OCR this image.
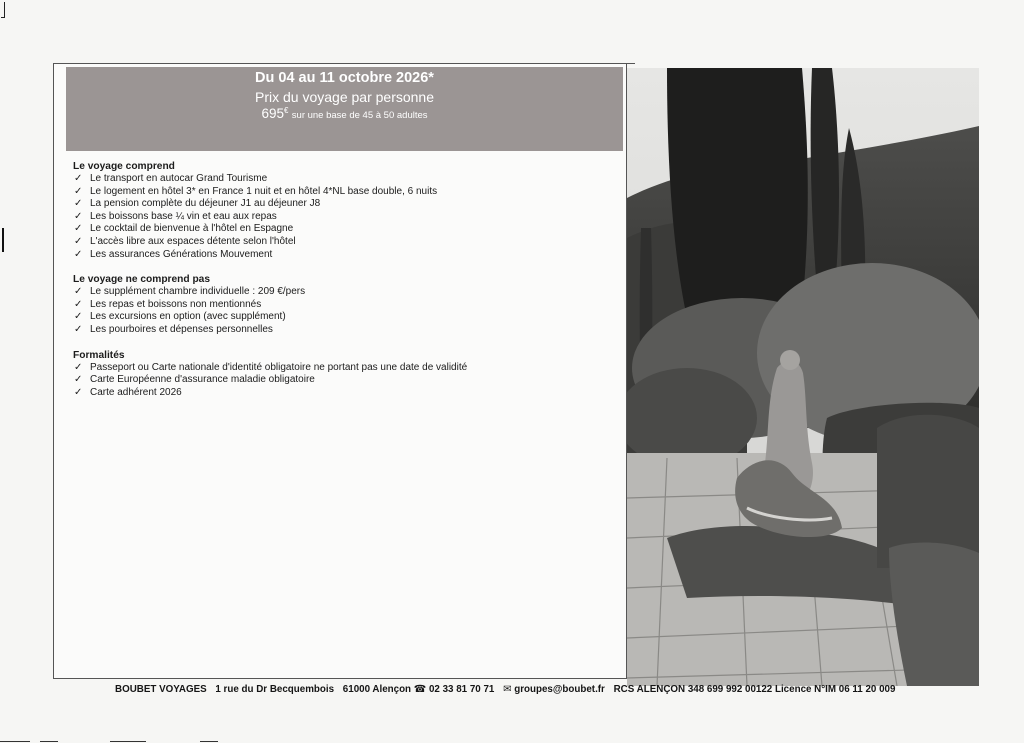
Du 04 au 11 octobre 2026*
Prix du voyage par personne
695€ sur une base de 45 à 50 adultes
Le voyage comprend
✓ Le transport en autocar Grand Tourisme
✓ Le logement en hôtel 3* en France 1 nuit et en hôtel 4*NL base double, 6 nuits
✓ La pension complète du déjeuner J1 au déjeuner J8
✓ Les boissons base ¼ vin et eau aux repas
✓ Le cocktail de bienvenue à l'hôtel en Espagne
✓ L'accès libre aux espaces détente selon l'hôtel
✓ Les assurances Générations Mouvement
Le voyage ne comprend pas
✓ Le supplément chambre individuelle : 209 €/pers
✓ Les repas et boissons non mentionnés
✓ Les excursions en option (avec supplément)
✓ Les pourboires et dépenses personnelles
Formalités
✓ Passeport ou Carte nationale d'identité obligatoire ne portant pas une date de validité
✓ Carte Européenne d'assurance maladie obligatoire
✓ Carte adhérent 2026
BOUBET VOYAGES 1 rue du Dr Becquembois 61000 Alençon ☎ 02 33 81 70 71 ✉ groupes@boubet.fr RCS ALENÇON 348 699 992 00122 Licence N°IM 06 11 20 009
